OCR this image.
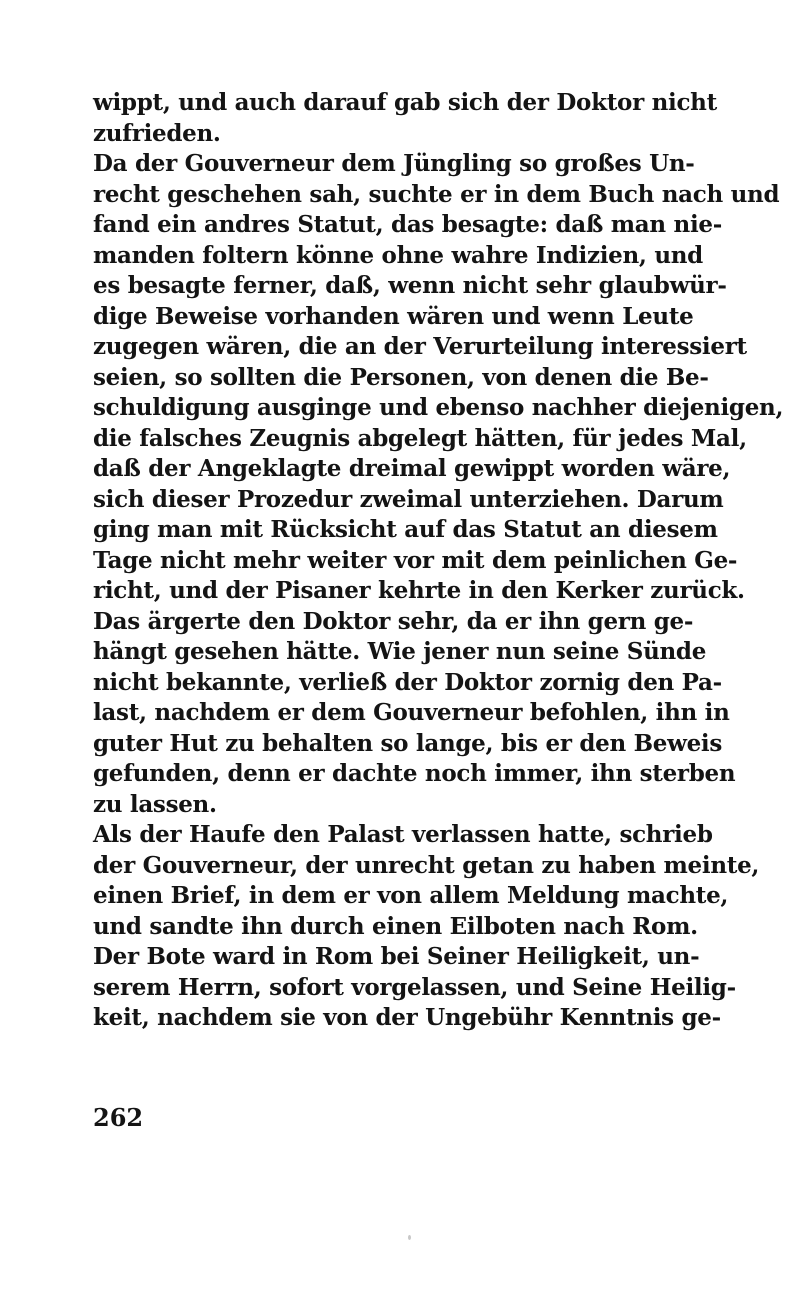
wippt, und auch darauf gab sich der Doktor nicht
zufrieden.
Da der Gouverneur dem Jüngling so großes Un-
recht geschehen sah, suchte er in dem Buch nach und
fand ein andres Statut, das besagte: daß man nie-
manden foltern könne ohne wahre Indizien, und
es besagte ferner, daß, wenn nicht sehr glaubwür-
dige Beweise vorhanden wären und wenn Leute
zugegen wären, die an der Verurteilung interessiert
seien, so sollten die Personen, von denen die Be-
schuldigung ausginge und ebenso nachher diejenigen,
die falsches Zeugnis abgelegt hätten, für jedes Mal,
daß der Angeklagte dreimal gewippt worden wäre,
sich dieser Prozedur zweimal unterziehen. Darum
ging man mit Rücksicht auf das Statut an diesem
Tage nicht mehr weiter vor mit dem peinlichen Ge-
richt, und der Pisaner kehrte in den Kerker zurück.
Das ärgerte den Doktor sehr, da er ihn gern ge-
hängt gesehen hätte. Wie jener nun seine Sünde
nicht bekannte, verließ der Doktor zornig den Pa-
last, nachdem er dem Gouverneur befohlen, ihn in
guter Hut zu behalten so lange, bis er den Beweis
gefunden, denn er dachte noch immer, ihn sterben
zu lassen.
Als der Haufe den Palast verlassen hatte, schrieb
der Gouverneur, der unrecht getan zu haben meinte,
einen Brief, in dem er von allem Meldung machte,
und sandte ihn durch einen Eilboten nach Rom.
Der Bote ward in Rom bei Seiner Heiligkeit, un-
serem Herrn, sofort vorgelassen, und Seine Heilig-
keit, nachdem sie von der Ungebühr Kenntnis ge-
262
